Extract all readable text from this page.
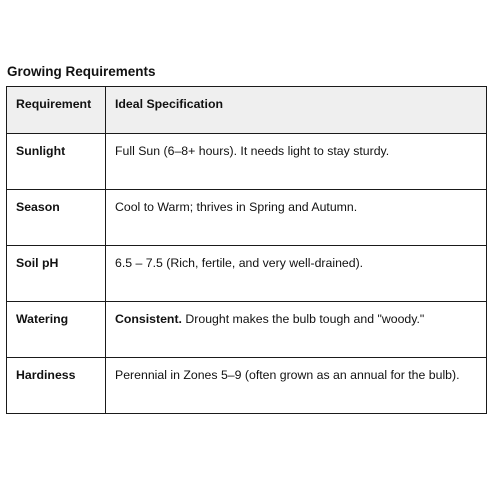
Growing Requirements
Requirement	Ideal Specification
Sunlight	Full Sun (6–8+ hours). It needs light to stay sturdy.
Season	Cool to Warm; thrives in Spring and Autumn.
Soil pH	6.5 – 7.5 (Rich, fertile, and very well-drained).
Watering	Consistent. Drought makes the bulb tough and "woody."
Hardiness	Perennial in Zones 5–9 (often grown as an annual for the bulb).
